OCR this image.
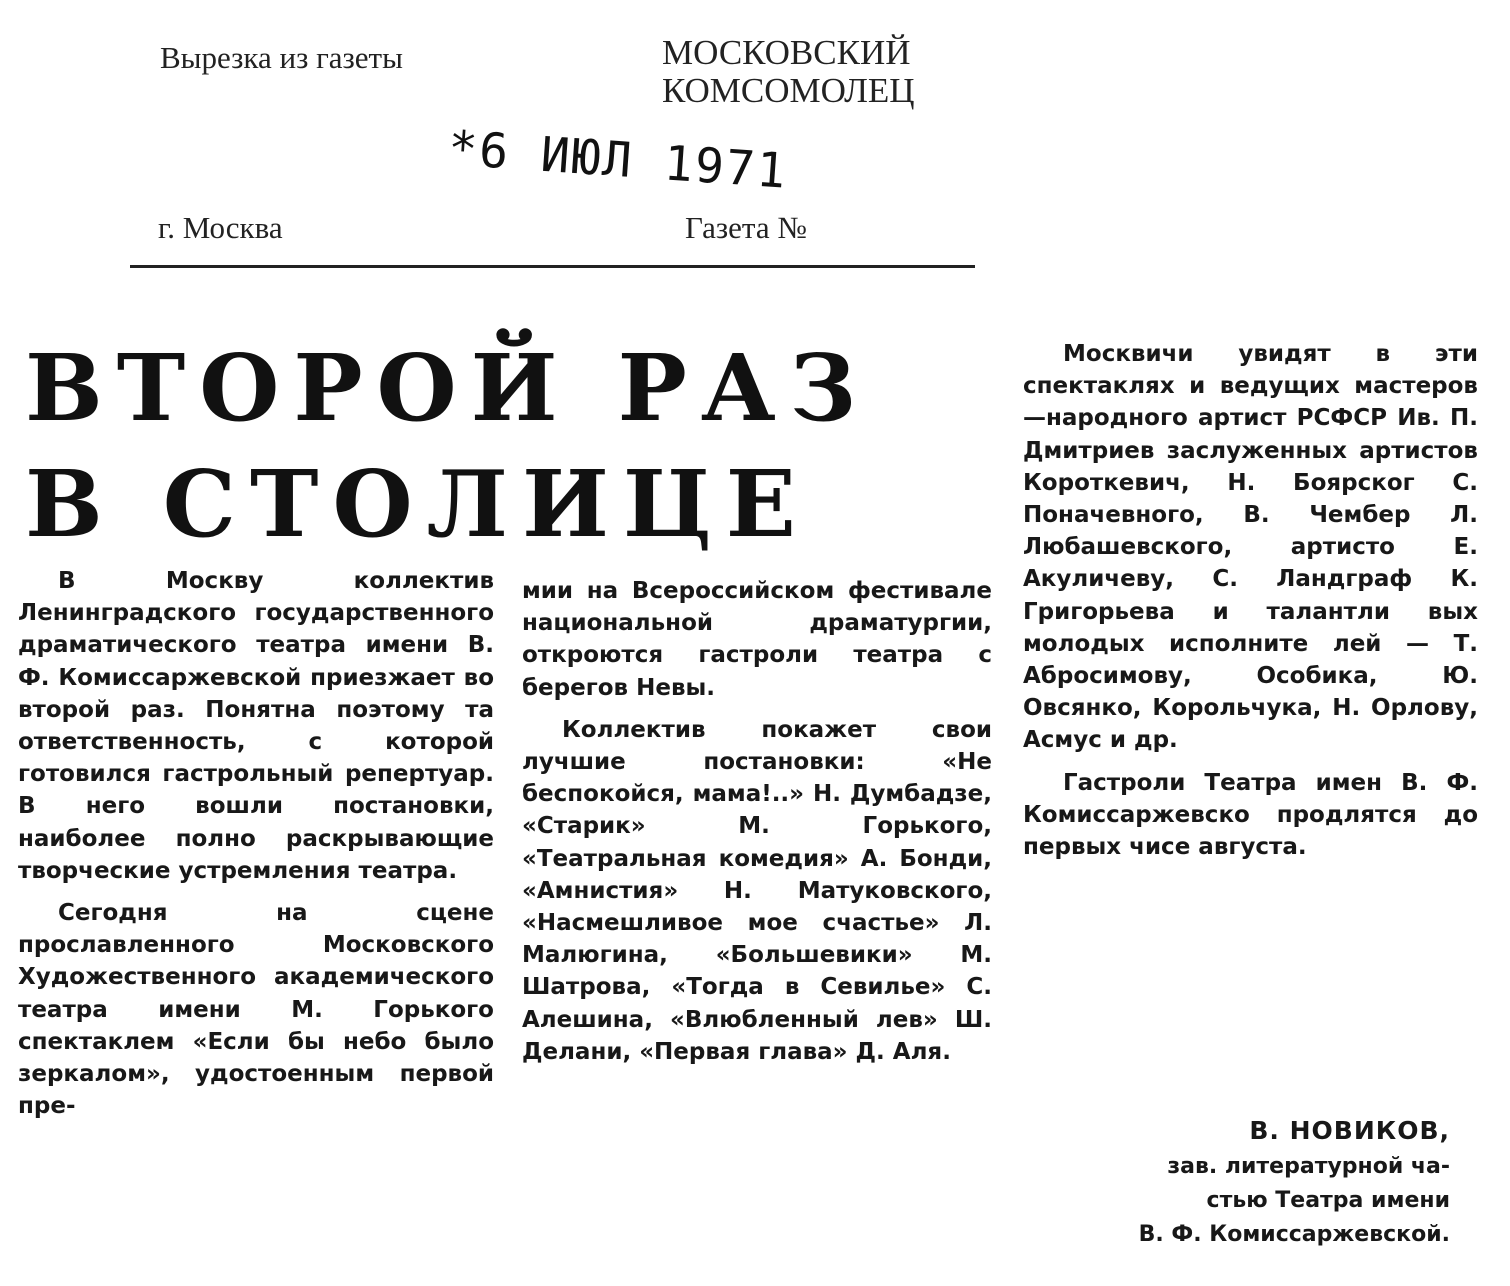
Вырезка из газеты	МОСКОВСКИЙ
КОМСОМОЛЕЦ
*6 ИЮЛ 1971
г. Москва	Газета №
ВТОРОЙ РАЗ
В СТОЛИЦЕ

В Москву коллектив Ленинградского государственного драматического театра имени В. Ф. Комиссаржевской приезжает во второй раз. Понятна поэтому та ответственность, с которой готовился гастрольный репертуар. В него вошли постановки, наиболее полно раскрывающие творческие устремления театра.

Сегодня на сцене прославленного Московского Художественного академического театра имени М. Горького спектаклем «Если бы небо было зеркалом», удостоенным первой пре-

мии на Всероссийском фестивале национальной драматургии, откроются гастроли театра с берегов Невы.

Коллектив покажет свои лучшие постановки: «Не беспокойся, мама!..» Н. Думбадзе, «Старик» М. Горького, «Театральная комедия» А. Бонди, «Амнистия» Н. Матуковского, «Насмешливое мое счастье» Л. Малюгина, «Большевики» М. Шатрова, «Тогда в Севилье» С. Алешина, «Влюбленный лев» Ш. Делани, «Первая глава» Д. Аля.

Москвичи увидят в эти спектаклях и ведущих мастеров—народного артист РСФСР Ив. П. Дмитриев заслуженных артистов Короткевич, Н. Боярског С. Поначевного, В. Чембер Л. Любашевского, артисто Е. Акуличеву, С. Ландграф К. Григорьева и талантли вых молодых исполните лей — Т. Абросимову, Особика, Ю. Овсянко, Корольчука, Н. Орлову, Асмус и др.

Гастроли Театра имен В. Ф. Комиссаржевско продлятся до первых чисе августа.

В. НОВИКОВ,
зав. литературной ча-
стью Театра имени
В. Ф. Комиссаржевской.
